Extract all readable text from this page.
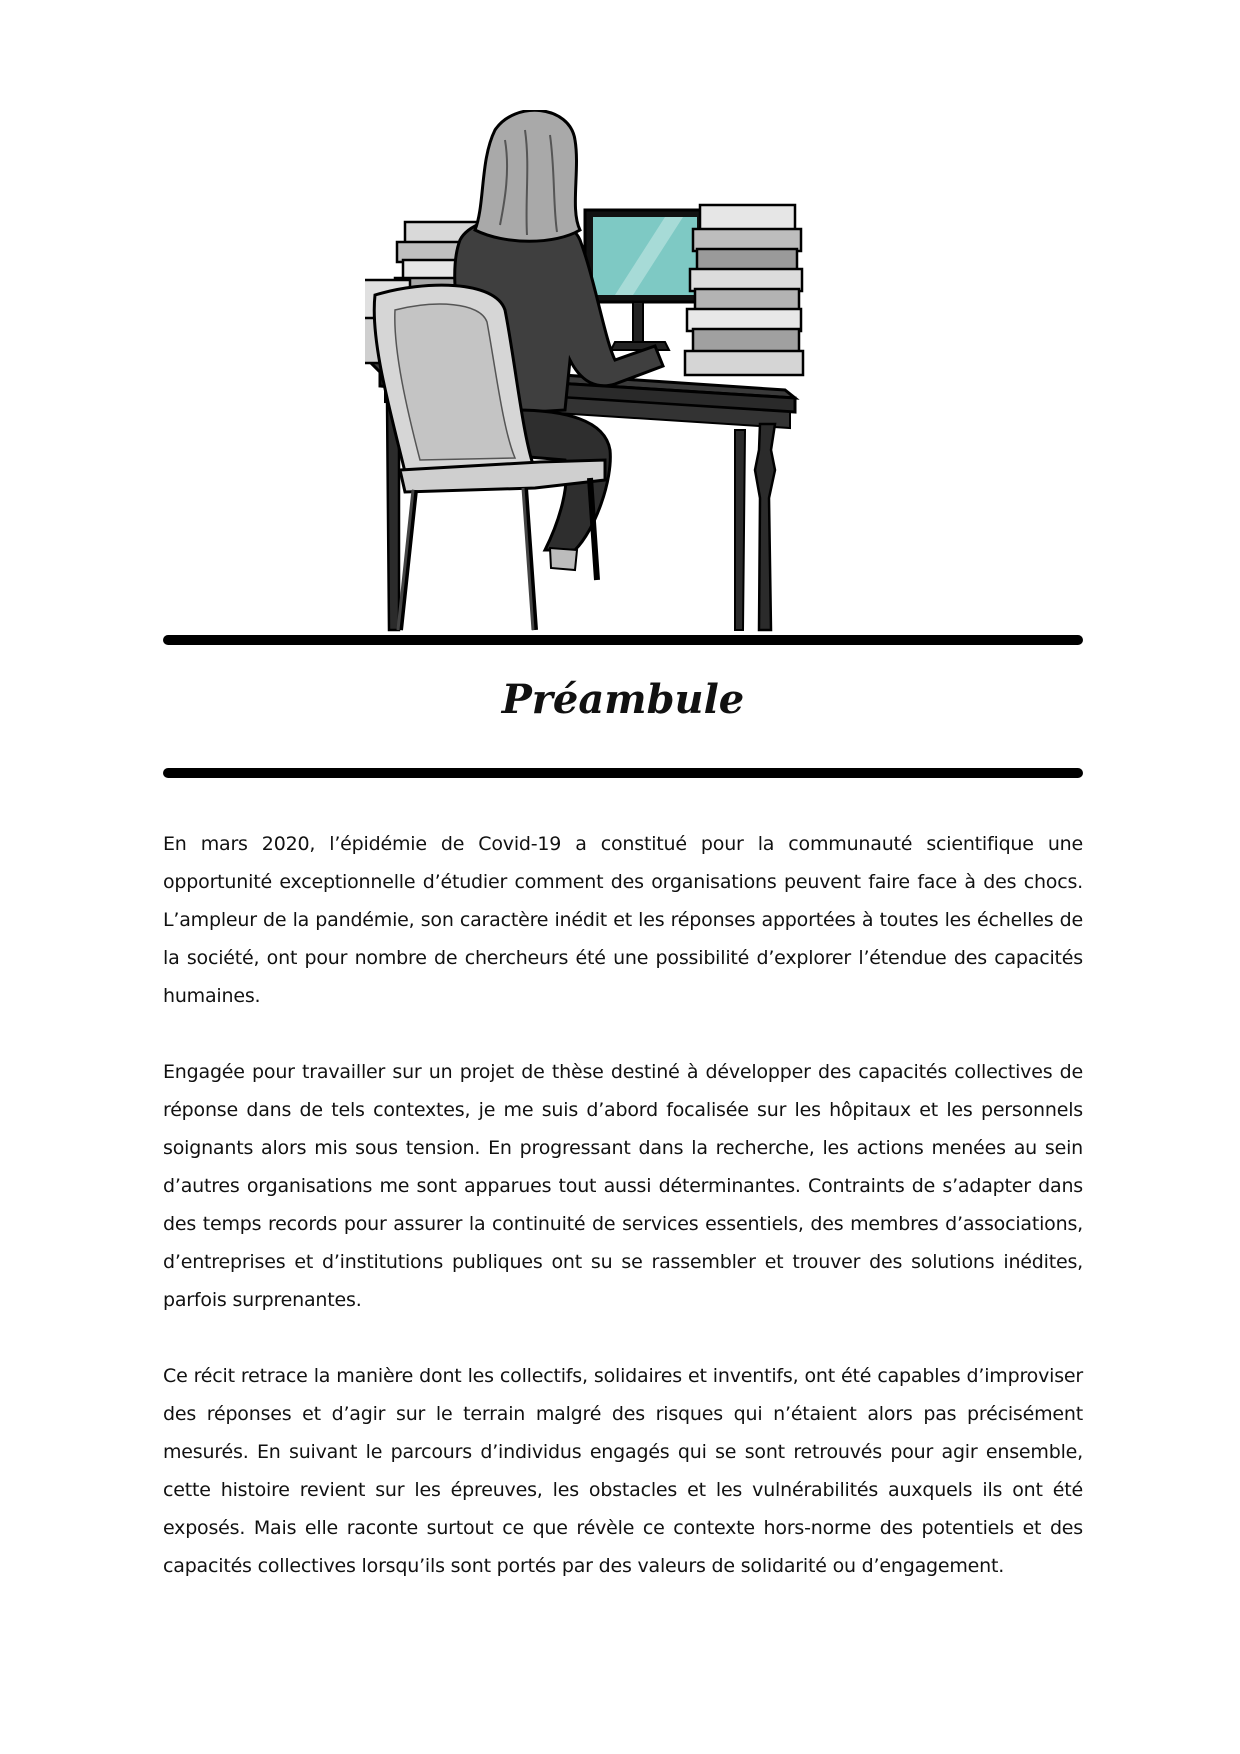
Préambule

En mars 2020, l’épidémie de Covid-19 a constitué pour la communauté scientifique une opportunité exceptionnelle d’étudier comment des organisations peuvent faire face à des chocs. L’ampleur de la pandémie, son caractère inédit et les réponses apportées à toutes les échelles de la société, ont pour nombre de chercheurs été une possibilité d’explorer l’étendue des capacités humaines.

Engagée pour travailler sur un projet de thèse destiné à développer des capacités collectives de réponse dans de tels contextes, je me suis d’abord focalisée sur les hôpitaux et les personnels soignants alors mis sous tension. En progressant dans la recherche, les actions menées au sein d’autres organisations me sont apparues tout aussi déterminantes. Contraints de s’adapter dans des temps records pour assurer la continuité de services essentiels, des membres d’associations, d’entreprises et d’institutions publiques ont su se rassembler et trouver des solutions inédites, parfois surprenantes.

Ce récit retrace la manière dont les collectifs, solidaires et inventifs, ont été capables d’improviser des réponses et d’agir sur le terrain malgré des risques qui n’étaient alors pas précisément mesurés. En suivant le parcours d’individus engagés qui se sont retrouvés pour agir ensemble, cette histoire revient sur les épreuves, les obstacles et les vulnérabilités auxquels ils ont été exposés. Mais elle raconte surtout ce que révèle ce contexte hors-norme des potentiels et des capacités collectives lorsqu’ils sont portés par des valeurs de solidarité ou d’engagement.
